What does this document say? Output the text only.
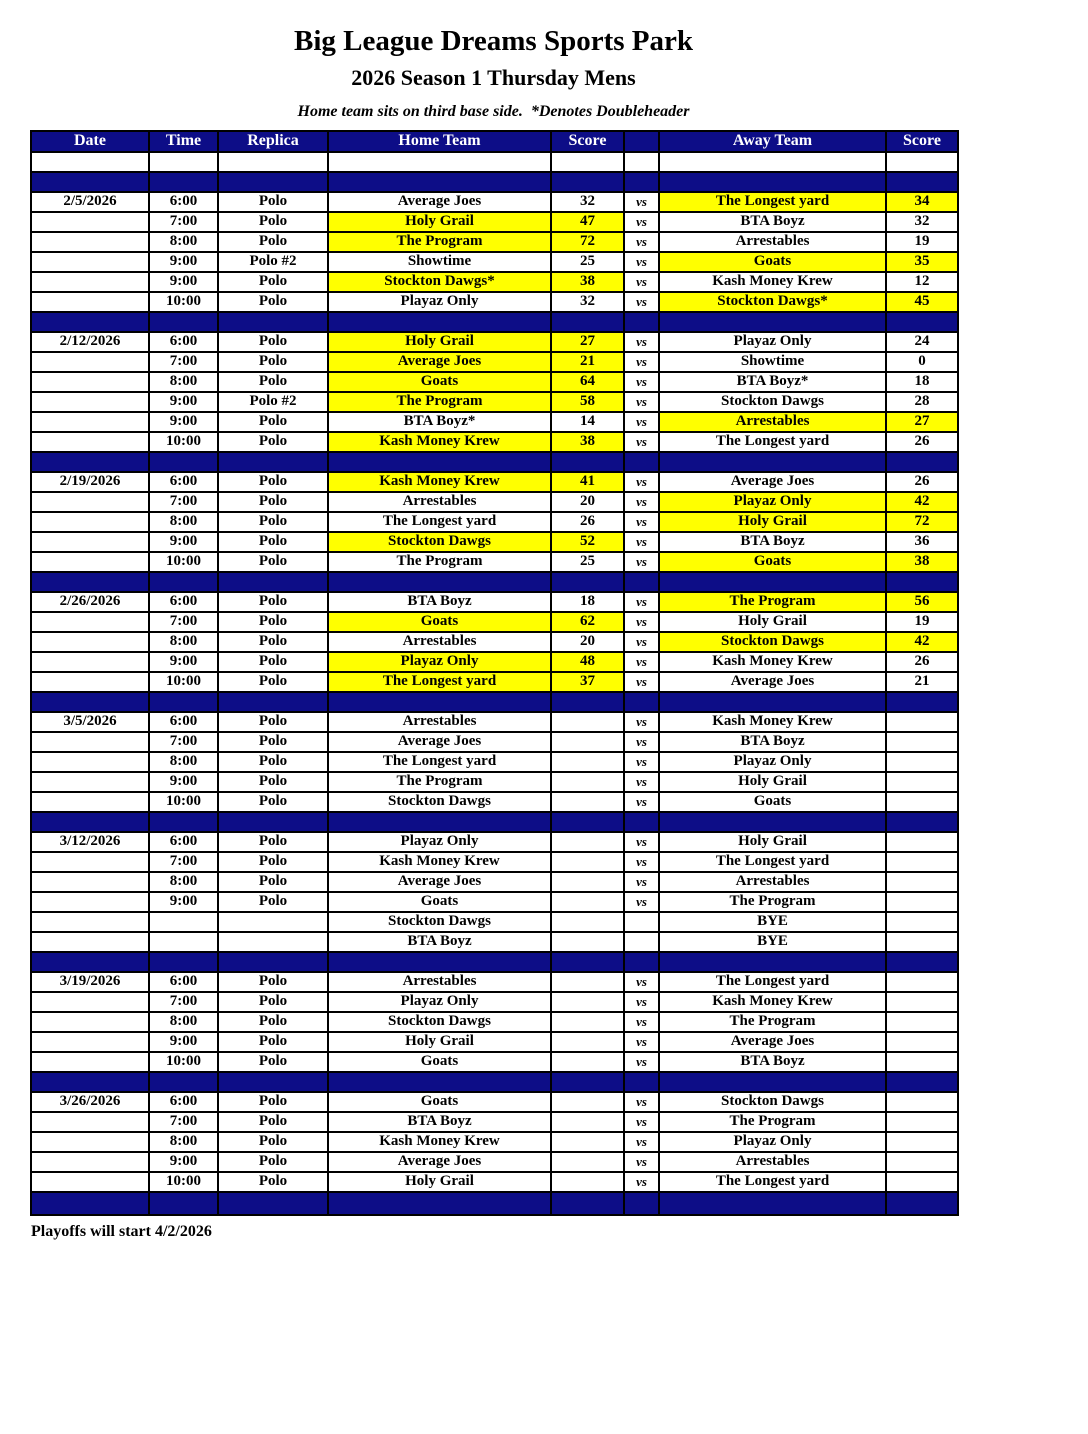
Big League Dreams Sports Park
2026 Season 1 Thursday Mens
Home team sits on third base side.  *Denotes Doubleheader
Date	Time	Replica	Home Team	Score		Away Team	Score

2/5/2026	6:00	Polo	Average Joes	32	vs	The Longest yard	34
	7:00	Polo	Holy Grail	47	vs	BTA Boyz	32
	8:00	Polo	The Program	72	vs	Arrestables	19
	9:00	Polo #2	Showtime	25	vs	Goats	35
	9:00	Polo	Stockton Dawgs*	38	vs	Kash Money Krew	12
	10:00	Polo	Playaz Only	32	vs	Stockton Dawgs*	45

2/12/2026	6:00	Polo	Holy Grail	27	vs	Playaz Only	24
	7:00	Polo	Average Joes	21	vs	Showtime	0
	8:00	Polo	Goats	64	vs	BTA Boyz*	18
	9:00	Polo #2	The Program	58	vs	Stockton Dawgs	28
	9:00	Polo	BTA Boyz*	14	vs	Arrestables	27
	10:00	Polo	Kash Money Krew	38	vs	The Longest yard	26

2/19/2026	6:00	Polo	Kash Money Krew	41	vs	Average Joes	26
	7:00	Polo	Arrestables	20	vs	Playaz Only	42
	8:00	Polo	The Longest yard	26	vs	Holy Grail	72
	9:00	Polo	Stockton Dawgs	52	vs	BTA Boyz	36
	10:00	Polo	The Program	25	vs	Goats	38

2/26/2026	6:00	Polo	BTA Boyz	18	vs	The Program	56
	7:00	Polo	Goats	62	vs	Holy Grail	19
	8:00	Polo	Arrestables	20	vs	Stockton Dawgs	42
	9:00	Polo	Playaz Only	48	vs	Kash Money Krew	26
	10:00	Polo	The Longest yard	37	vs	Average Joes	21

3/5/2026	6:00	Polo	Arrestables		vs	Kash Money Krew	
	7:00	Polo	Average Joes		vs	BTA Boyz	
	8:00	Polo	The Longest yard		vs	Playaz Only	
	9:00	Polo	The Program		vs	Holy Grail	
	10:00	Polo	Stockton Dawgs		vs	Goats	

3/12/2026	6:00	Polo	Playaz Only		vs	Holy Grail	
	7:00	Polo	Kash Money Krew		vs	The Longest yard	
	8:00	Polo	Average Joes		vs	Arrestables	
	9:00	Polo	Goats		vs	The Program	
			Stockton Dawgs			BYE	
			BTA Boyz			BYE	

3/19/2026	6:00	Polo	Arrestables		vs	The Longest yard	
	7:00	Polo	Playaz Only		vs	Kash Money Krew	
	8:00	Polo	Stockton Dawgs		vs	The Program	
	9:00	Polo	Holy Grail		vs	Average Joes	
	10:00	Polo	Goats		vs	BTA Boyz	

3/26/2026	6:00	Polo	Goats		vs	Stockton Dawgs	
	7:00	Polo	BTA Boyz		vs	The Program	
	8:00	Polo	Kash Money Krew		vs	Playaz Only	
	9:00	Polo	Average Joes		vs	Arrestables	
	10:00	Polo	Holy Grail		vs	The Longest yard	

Playoffs will start 4/2/2026
